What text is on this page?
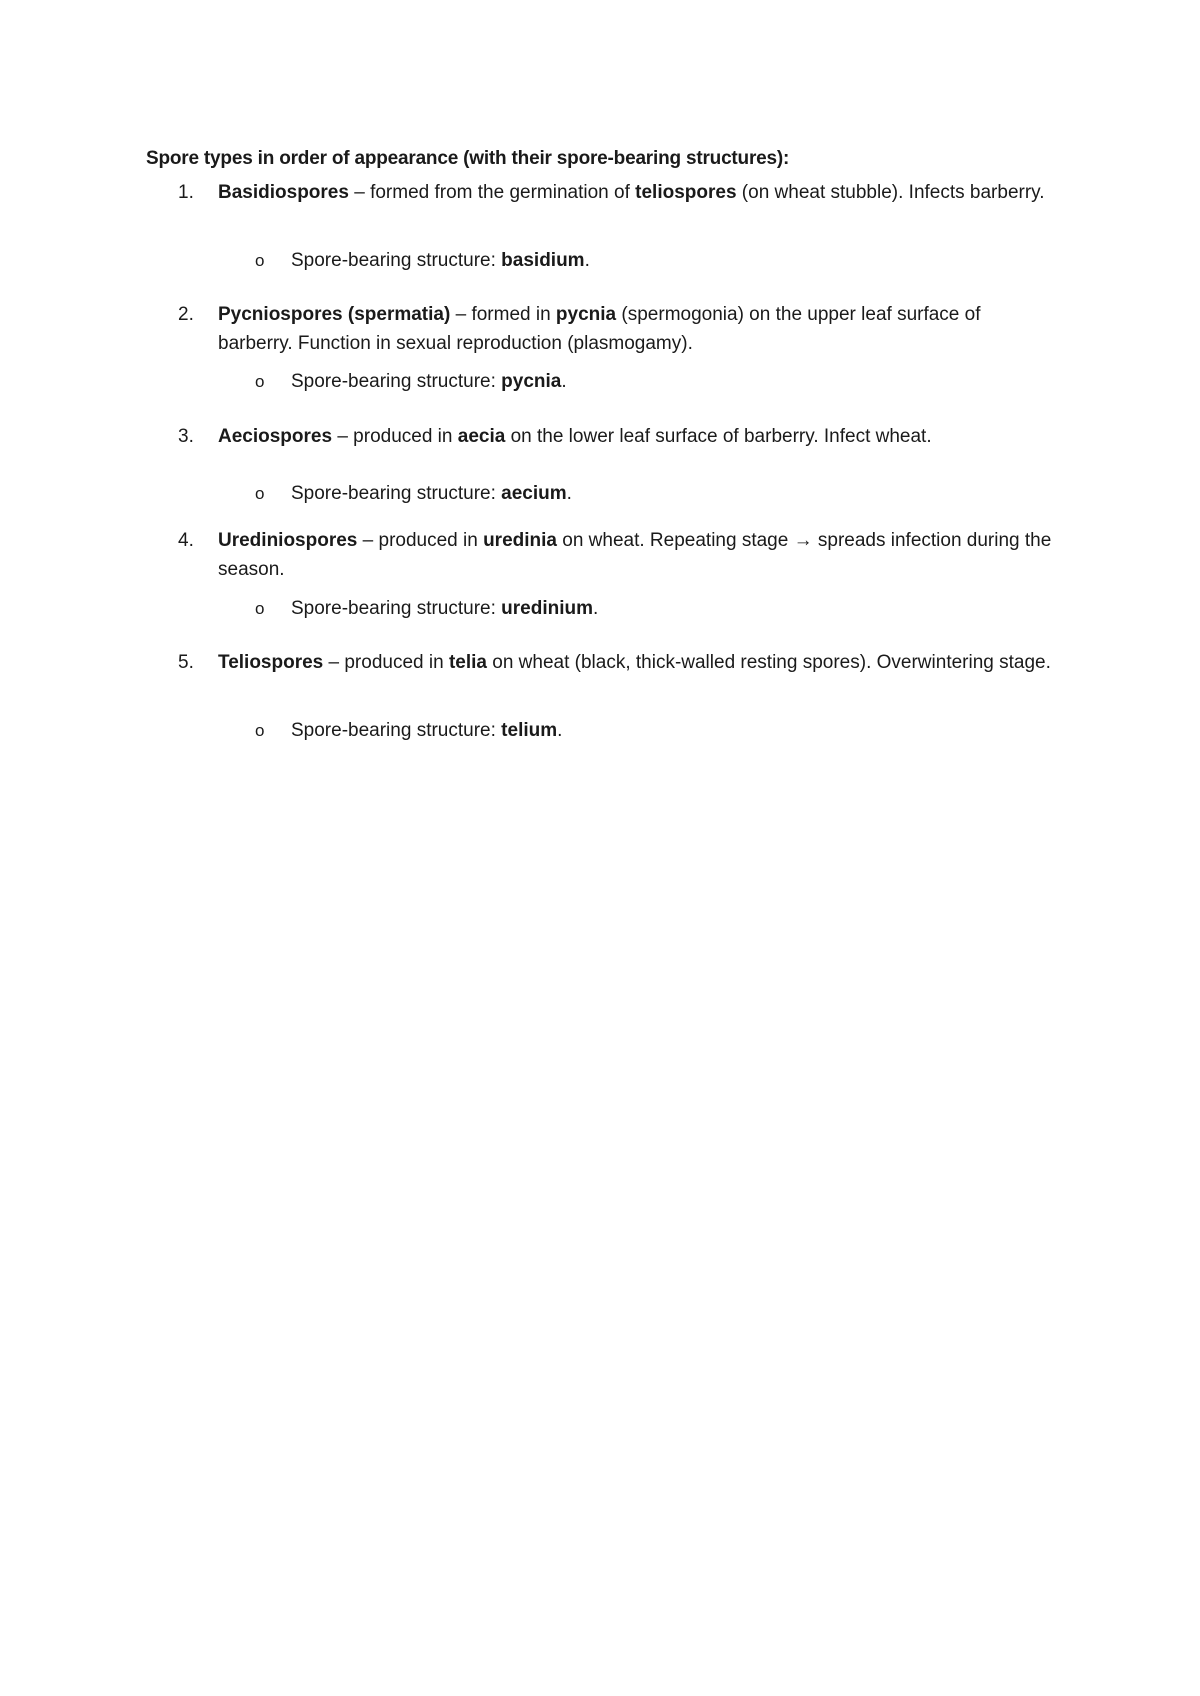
Spore types in order of appearance (with their spore-bearing structures):
1.	Basidiospores – formed from the germination of teliospores (on wheat stubble). Infects barberry.
o Spore-bearing structure: basidium.
2.	Pycniospores (spermatia) – formed in pycnia (spermogonia) on the upper leaf surface of barberry. Function in sexual reproduction (plasmogamy).
o Spore-bearing structure: pycnia.
3.	Aeciospores – produced in aecia on the lower leaf surface of barberry. Infect wheat.
o Spore-bearing structure: aecium.
4.	Urediniospores – produced in uredinia on wheat. Repeating stage → spreads infection during the season.
o Spore-bearing structure: uredinium.
5.	Teliospores – produced in telia on wheat (black, thick-walled resting spores). Overwintering stage.
o Spore-bearing structure: telium.
